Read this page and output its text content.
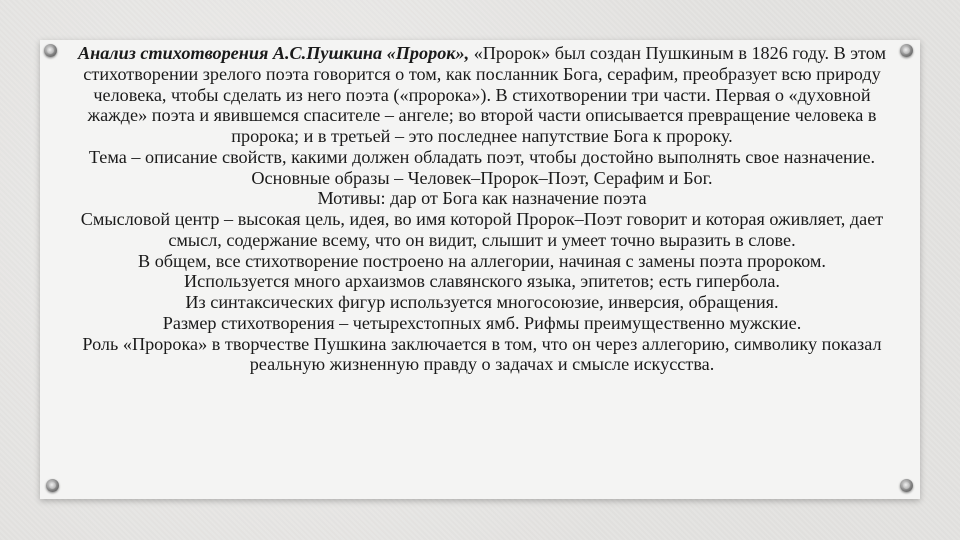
Анализ стихотворения А.С.Пушкина «Пророк», «Пророк» был создан Пушкиным в 1826 году. В этом стихотворении зрелого поэта говорится о том, как посланник Бога, серафим, преобразует всю природу человека, чтобы сделать из него поэта («пророка»). В стихотворении три части. Первая о «духовной жажде» поэта и явившемся спасителе – ангеле; во второй части описывается превращение человека в пророка; и в третьей – это последнее напутствие Бога к пророку.

Тема – описание свойств, какими должен обладать поэт, чтобы достойно выполнять свое назначение.

Основные образы – Человек–Пророк–Поэт, Серафим и Бог.

Мотивы: дар от Бога как назначение поэта

Смысловой центр – высокая цель, идея, во имя которой Пророк–Поэт говорит и которая оживляет, дает смысл, содержание всему, что он видит, слышит и умеет точно выразить в слове.

В общем, все стихотворение построено на аллегории, начиная с замены поэта пророком.

Используется много архаизмов славянского языка, эпитетов; есть гипербола.

Из синтаксических фигур используется многосоюзие, инверсия, обращения.

Размер стихотворения – четырехстопных ямб. Рифмы преимущественно мужские.

Роль «Пророка» в творчестве Пушкина заключается в том, что он через аллегорию, символику показал реальную жизненную правду о задачах и смысле искусства.
